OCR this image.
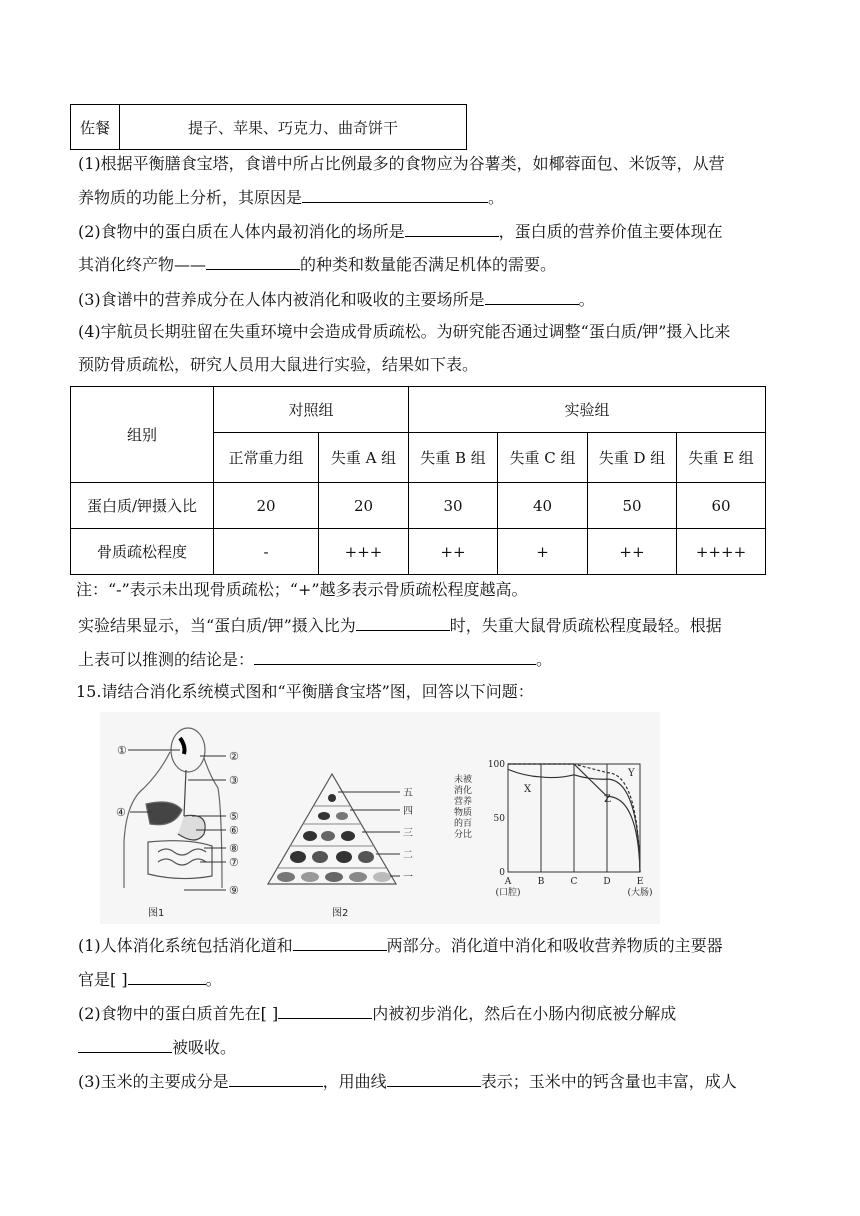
佐餐	提子、苹果、巧克力、曲奇饼干
(1)根据平衡膳食宝塔，食谱中所占比例最多的食物应为谷薯类，如椰蓉面包、米饭等，从营
养物质的功能上分析，其原因是	。
(2)食物中的蛋白质在人体内最初消化的场所是	，蛋白质的营养价值主要体现在
其消化终产物——	的种类和数量能否满足机体的需要。
(3)食谱中的营养成分在人体内被消化和吸收的主要场所是	。
(4)宇航员长期驻留在失重环境中会造成骨质疏松。为研究能否通过调整“蛋白质/钾”摄入比来
预防骨质疏松，研究人员用大鼠进行实验，结果如下表。
组别	对照组		实验组			
	正常重力组	失重 A 组	失重 B 组	失重 C 组	失重 D 组	失重 E 组
蛋白质/钾摄入比	20	20	30	40	50	60
骨质疏松程度	-	+++	++	+	++	++++
注：“-”表示未出现骨质疏松；“+”越多表示骨质疏松程度越高。
实验结果显示，当“蛋白质/钾”摄入比为	时，失重大鼠骨质疏松程度最轻。根据
上表可以推测的结论是：	。
15.请结合消化系统模式图和“平衡膳食宝塔”图，回答以下问题：
①	②
③
④	⑤
⑥
⑧
⑦
⑨
图1
五
四
三
二
一
图2
未被
消化
营养
物质
的百
分比
100
50
0
X
Y
Z
A	B	C	D	E
(口腔)	(大肠)
(1)人体消化系统包括消化道和	两部分。消化道中消化和吸收营养物质的主要器
官是[ ]	。
(2)食物中的蛋白质首先在[ ]	内被初步消化，然后在小肠内彻底被分解成
被吸收。
(3)玉米的主要成分是	，用曲线	表示；玉米中的钙含量也丰富，成人
